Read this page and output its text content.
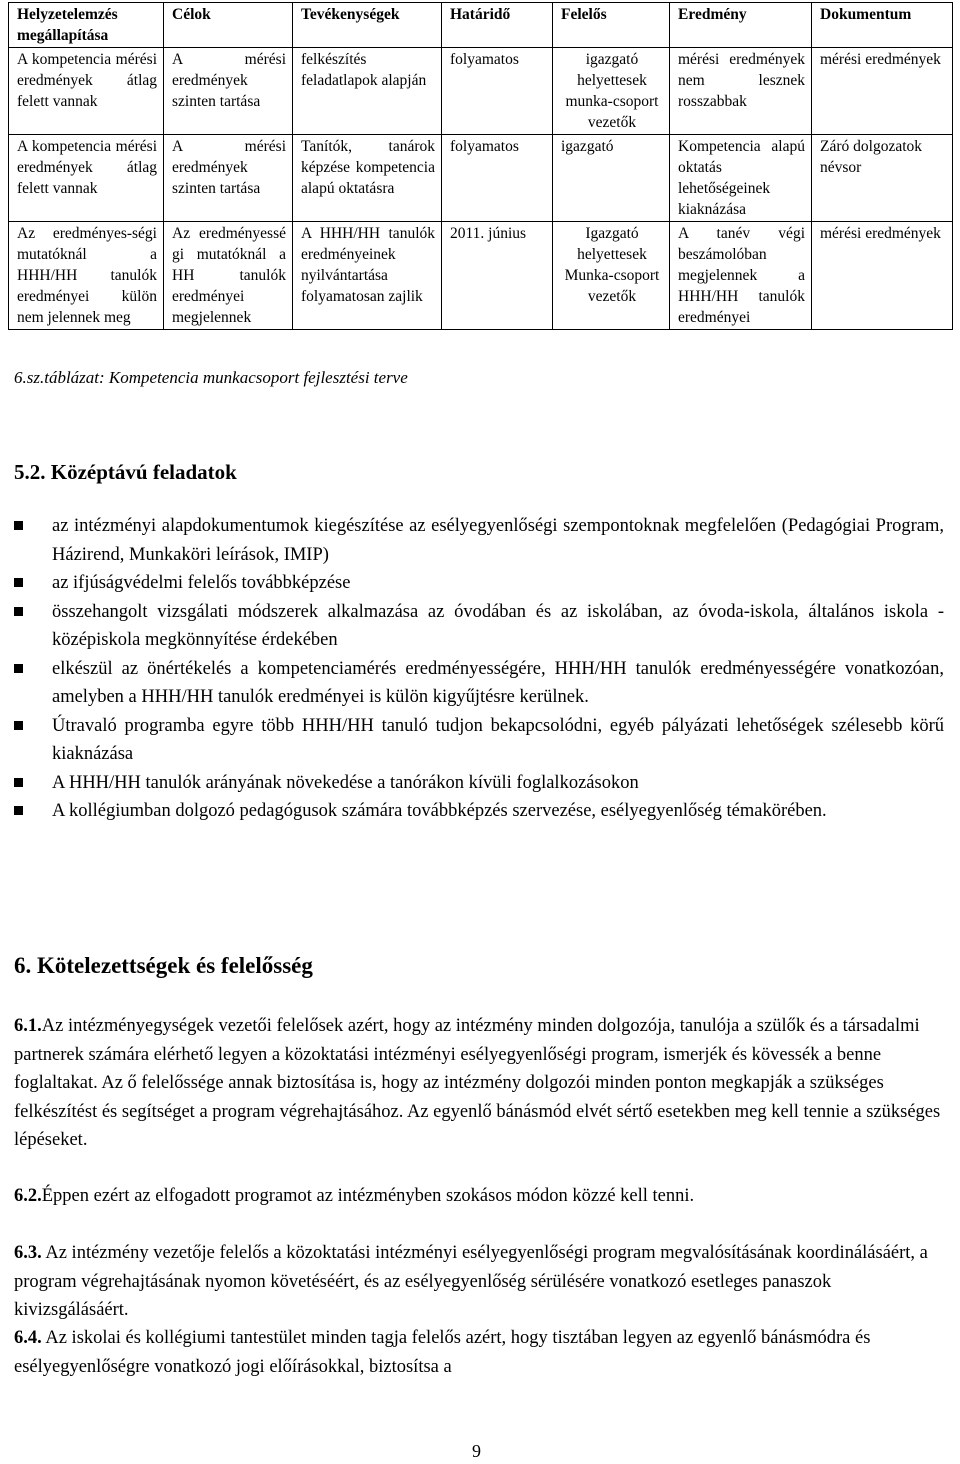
Helyzetelemzés megállapítása	Célok	Tevékenységek	Határidő	Felelős	Eredmény	Dokumentum
A kompetencia mérési eredmények átlag felett vannak	A mérési eredmények szinten tartása	felkészítés feladatlapok alapján	folyamatos	igazgató helyettesek munka-csoport vezetők	mérési eredmények nem lesznek rosszabbak	mérési eredmények
A kompetencia mérési eredmények átlag felett vannak	A mérési eredmények szinten tartása	Tanítók, tanárok képzése kompetencia alapú oktatásra	folyamatos	igazgató	Kompetencia alapú oktatás lehetőségeinek kiaknázása	Záró dolgozatok névsor
Az eredményes-ségi mutatóknál a HHH/HH tanulók eredményei külön nem jelennek meg	Az eredményessé gi mutatóknál a HH tanulók eredményei megjelennek	A HHH/HH tanulók eredményeinek nyilvántartása folyamatosan zajlik	2011. június	Igazgató helyettesek Munka-csoport vezetők	A tanév végi beszámolóban megjelennek a HHH/HH tanulók eredményei	mérési eredmények
6.sz.táblázat: Kompetencia munkacsoport fejlesztési terve
5.2. Középtávú feladatok
az intézményi alapdokumentumok kiegészítése az esélyegyenlőségi szempontoknak megfelelően (Pedagógiai Program, Házirend, Munkaköri leírások, IMIP)
az ifjúságvédelmi felelős továbbképzése
összehangolt vizsgálati módszerek alkalmazása az óvodában és az iskolában, az óvoda-iskola, általános iskola - középiskola megkönnyítése érdekében
elkészül az önértékelés a kompetenciamérés eredményességére, HHH/HH tanulók eredményességére vonatkozóan, amelyben a HHH/HH tanulók eredményei is külön kigyűjtésre kerülnek.
Útravaló programba egyre több HHH/HH tanuló tudjon bekapcsolódni, egyéb pályázati lehetőségek szélesebb körű kiaknázása
A HHH/HH tanulók arányának növekedése a tanórákon kívüli foglalkozásokon
A kollégiumban dolgozó pedagógusok számára továbbképzés szervezése, esélyegyenlőség témakörében.
6. Kötelezettségek és felelősség
6.1.Az intézményegységek vezetői felelősek azért, hogy az intézmény minden dolgozója, tanulója a szülők és a társadalmi partnerek számára elérhető legyen a közoktatási intézményi esélyegyenlőségi program, ismerjék és kövessék a benne foglaltakat. Az ő felelőssége annak biztosítása is, hogy az intézmény dolgozói minden ponton megkapják a szükséges felkészítést és segítséget a program végrehajtásához. Az egyenlő bánásmód elvét sértő esetekben meg kell tennie a szükséges lépéseket.
6.2.Éppen ezért az elfogadott programot az intézményben szokásos módon közzé kell tenni.
6.3. Az intézmény vezetője felelős a közoktatási intézményi esélyegyenlőségi program megvalósításának koordinálásáért, a program végrehajtásának nyomon követéséért, és az esélyegyenlőség sérülésére vonatkozó esetleges panaszok kivizsgálásáért.
6.4. Az iskolai és kollégiumi tantestület minden tagja felelős azért, hogy tisztában legyen az egyenlő bánásmódra és esélyegyenlőségre vonatkozó jogi előírásokkal, biztosítsa a
9
